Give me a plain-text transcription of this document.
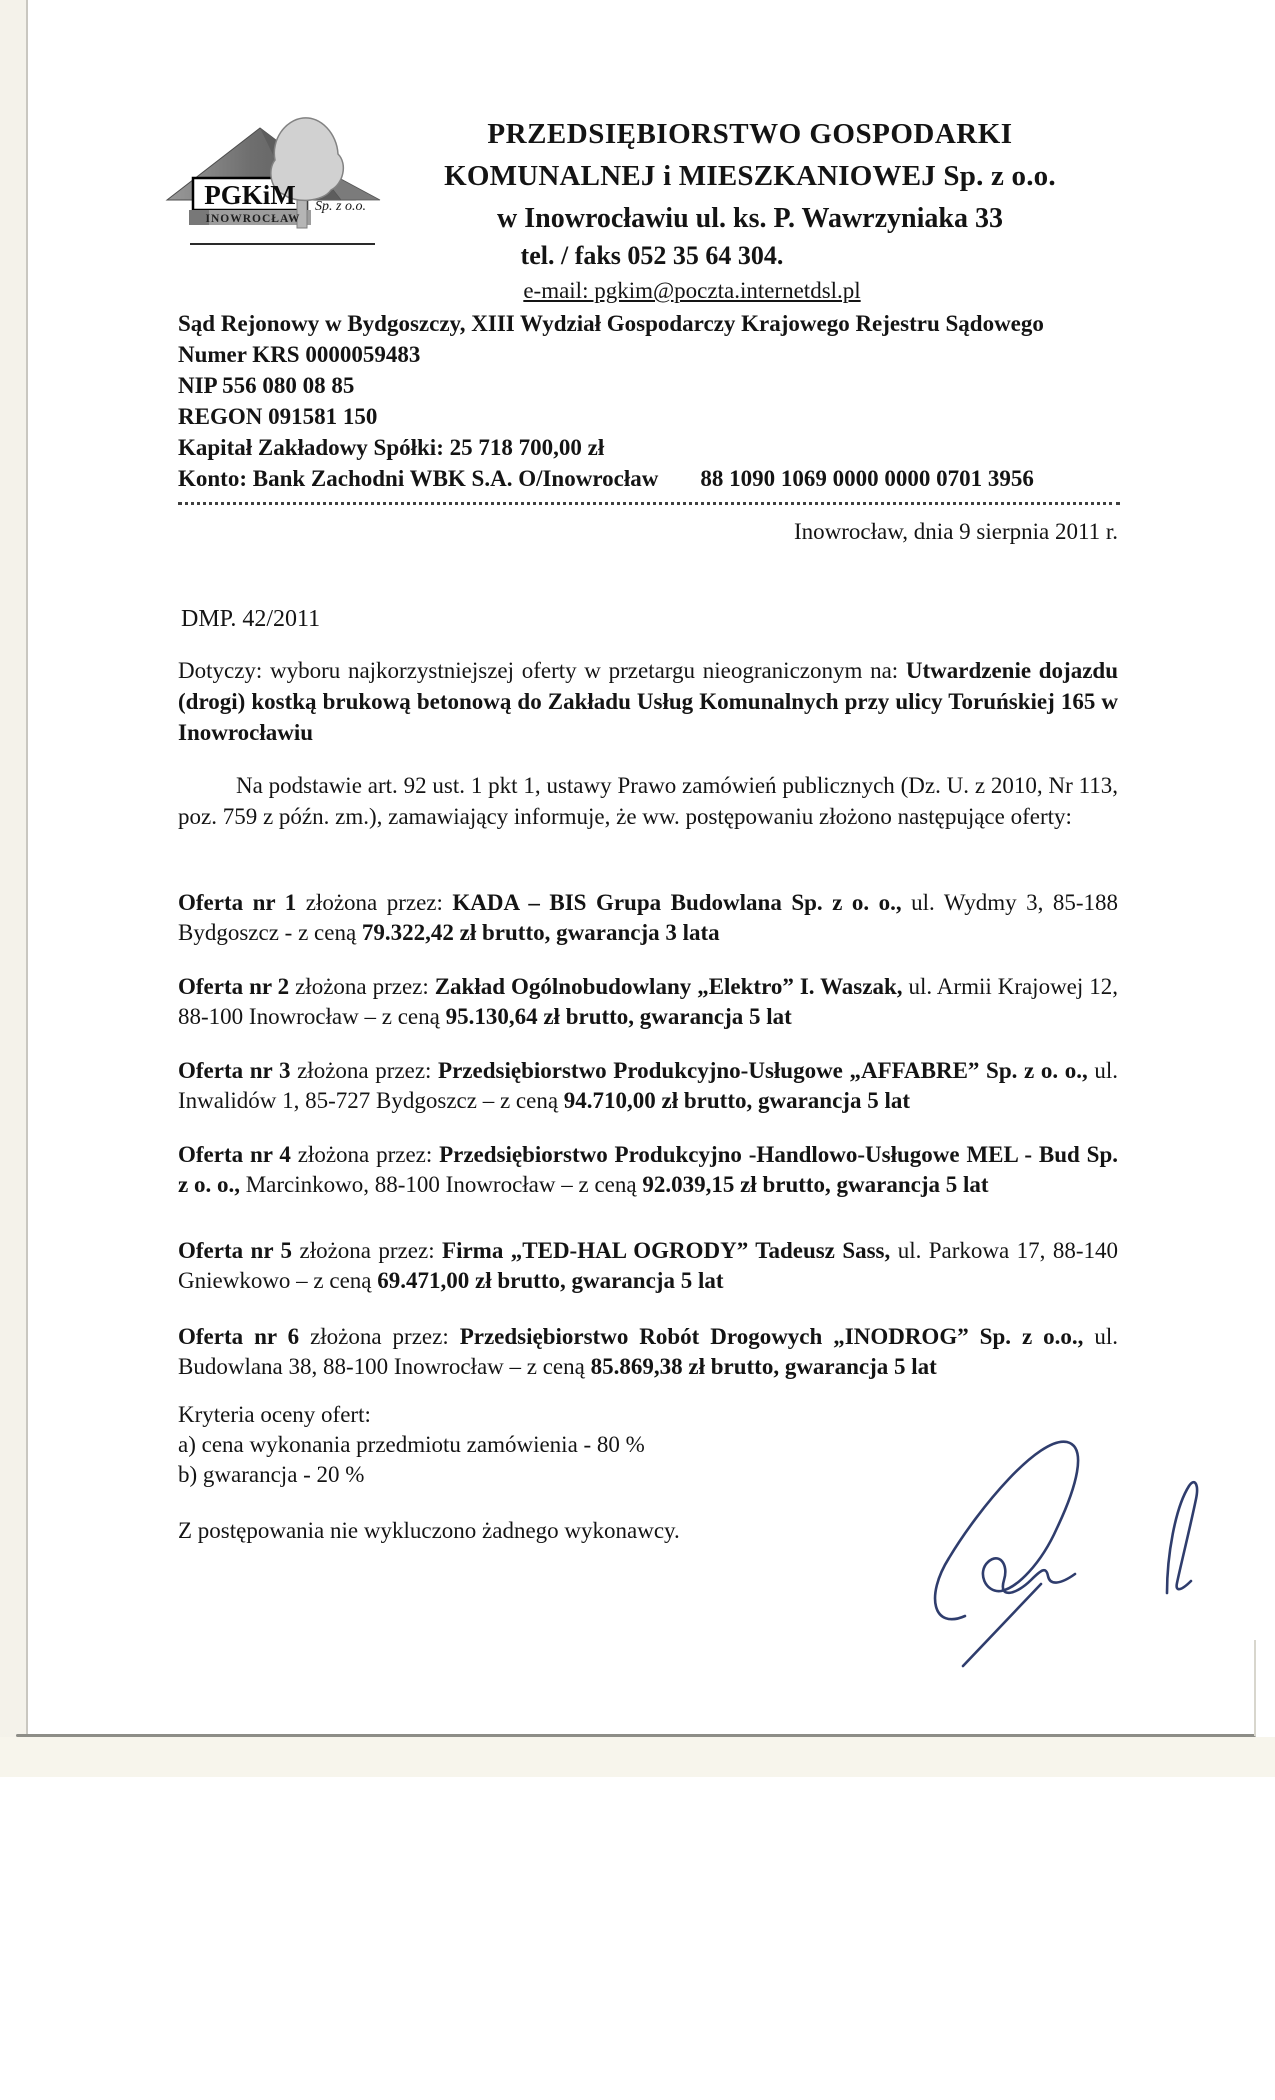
PGKiM
INOWROCŁAW
Sp. z o.o.
PRZEDSIĘBIORSTWO GOSPODARKI
KOMUNALNEJ i MIESZKANIOWEJ Sp. z o.o.
w Inowrocławiu ul. ks. P. Wawrzyniaka 33
tel. / faks 052 35 64 304.
e-mail: pgkim@poczta.internetdsl.pl
Sąd Rejonowy w Bydgoszczy, XIII Wydział Gospodarczy Krajowego Rejestru Sądowego
Numer KRS 0000059483
NIP 556 080 08 85
REGON 091581 150
Kapitał Zakładowy Spółki: 25 718 700,00 zł
Konto: Bank Zachodni WBK S.A. O/Inowrocław 88 1090 1069 0000 0000 0701 3956
Inowrocław, dnia 9 sierpnia 2011 r.
DMP. 42/2011
Dotyczy: wyboru najkorzystniejszej oferty w przetargu nieograniczonym na: Utwardzenie dojazdu (drogi) kostką brukową betonową do Zakładu Usług Komunalnych przy ulicy Toruńskiej 165 w Inowrocławiu
Na podstawie art. 92 ust. 1 pkt 1, ustawy Prawo zamówień publicznych (Dz. U. z 2010, Nr 113, poz. 759 z późn. zm.), zamawiający informuje, że ww. postępowaniu złożono następujące oferty:
Oferta nr 1 złożona przez: KADA – BIS Grupa Budowlana Sp. z o. o., ul. Wydmy 3, 85-188 Bydgoszcz - z ceną 79.322,42 zł brutto, gwarancja 3 lata
Oferta nr 2 złożona przez: Zakład Ogólnobudowlany „Elektro” I. Waszak, ul. Armii Krajowej 12, 88-100 Inowrocław – z ceną 95.130,64 zł brutto, gwarancja 5 lat
Oferta nr 3 złożona przez: Przedsiębiorstwo Produkcyjno-Usługowe „AFFABRE” Sp. z o. o., ul. Inwalidów 1, 85-727 Bydgoszcz – z ceną 94.710,00 zł brutto, gwarancja 5 lat
Oferta nr 4 złożona przez: Przedsiębiorstwo Produkcyjno -Handlowo-Usługowe MEL - Bud Sp. z o. o., Marcinkowo, 88-100 Inowrocław – z ceną 92.039,15 zł brutto, gwarancja 5 lat
Oferta nr 5 złożona przez: Firma „TED-HAL OGRODY” Tadeusz Sass, ul. Parkowa 17, 88-140 Gniewkowo – z ceną 69.471,00 zł brutto, gwarancja 5 lat
Oferta nr 6 złożona przez: Przedsiębiorstwo Robót Drogowych „INODROG” Sp. z o.o., ul. Budowlana 38, 88-100 Inowrocław – z ceną 85.869,38 zł brutto, gwarancja 5 lat
Kryteria oceny ofert:
a) cena wykonania przedmiotu zamówienia - 80 %
b) gwarancja - 20 %
Z postępowania nie wykluczono żadnego wykonawcy.
